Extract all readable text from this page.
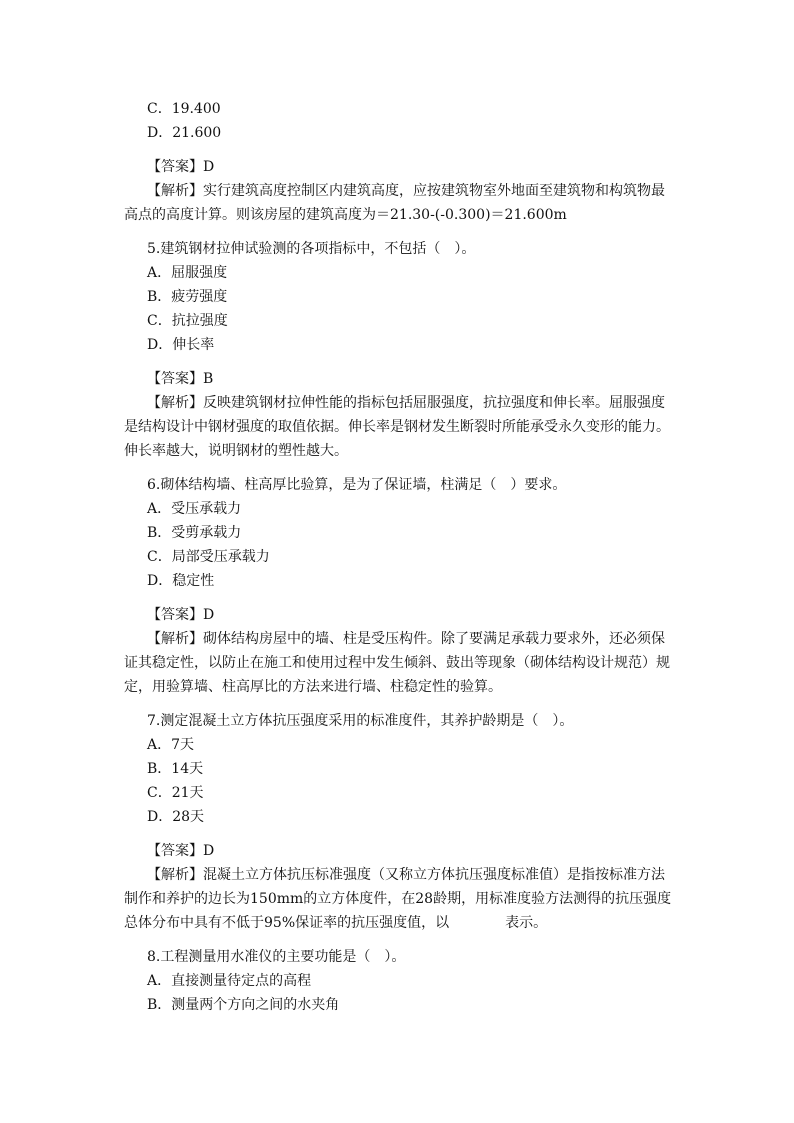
C．19.400
D．21.600
【答案】D
【解析】实行建筑高度控制区内建筑高度，应按建筑物室外地面至建筑物和构筑物最
高点的高度计算。则该房屋的建筑高度为＝21.30-(-0.300)＝21.600m
5.建筑钢材拉伸试验测的各项指标中，不包括（　）。
A．屈服强度
B．疲劳强度
C．抗拉强度
D．伸长率
【答案】B
【解析】反映建筑钢材拉伸性能的指标包括屈服强度，抗拉强度和伸长率。屈服强度
是结构设计中钢材强度的取值依据。伸长率是钢材发生断裂时所能承受永久变形的能力。
伸长率越大，说明钢材的塑性越大。
6.砌体结构墙、柱高厚比验算，是为了保证墙，柱满足（　）要求。
A．受压承载力
B．受剪承载力
C．局部受压承载力
D．稳定性
【答案】D
【解析】砌体结构房屋中的墙、柱是受压构件。除了要满足承载力要求外，还必须保
证其稳定性，以防止在施工和使用过程中发生倾斜、鼓出等现象（砌体结构设计规范）规
定，用验算墙、柱高厚比的方法来进行墙、柱稳定性的验算。
7.测定混凝土立方体抗压强度采用的标准度件，其养护龄期是（　）。
A．7天
B．14天
C．21天
D．28天
【答案】D
【解析】混凝土立方体抗压标准强度（又称立方体抗压强度标准值）是指按标准方法
制作和养护的边长为150mm的立方体度件，在28龄期，用标准度验方法测得的抗压强度
总体分布中具有不低于95%保证率的抗压强度值，以	表示。
8.工程测量用水准仪的主要功能是（　）。
A．直接测量待定点的高程
B．测量两个方向之间的水夹角
